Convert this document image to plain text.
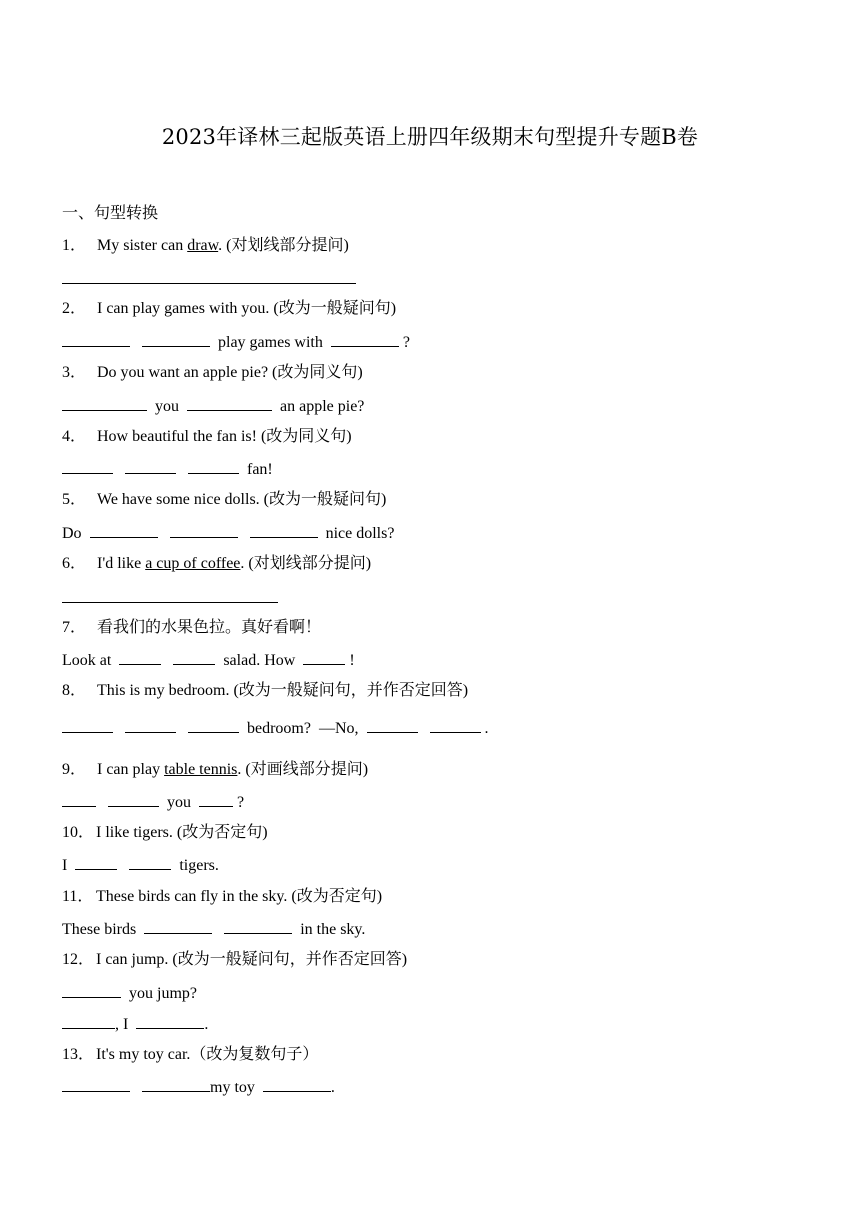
2023年译林三起版英语上册四年级期末句型提升专题B卷
一、句型转换
1． My sister can draw. (对划线部分提问)
2． I can play games with you. (改为一般疑问句)
play games with	?
3． Do you want an apple pie? (改为同义句)
you	an apple pie?
4． How beautiful the fan is! (改为同义句)
fan!
5． We have some nice dolls. (改为一般疑问句)
Do	nice dolls?
6． I'd like a cup of coffee. (对划线部分提问)
7． 看我们的水果色拉。真好看啊！
Look at	salad. How	!
8． This is my bedroom. (改为一般疑问句，并作否定回答)
bedroom?  —No,	.
9． I can play table tennis. (对画线部分提问)
you	?
10． I like tigers. (改为否定句)
I	tigers.
11． These birds can fly in the sky. (改为否定句)
These birds	in the sky.
12． I can jump. (改为一般疑问句，并作否定回答)
you jump?
, I	.
13． It's my toy car.（改为复数句子）
my toy	.
